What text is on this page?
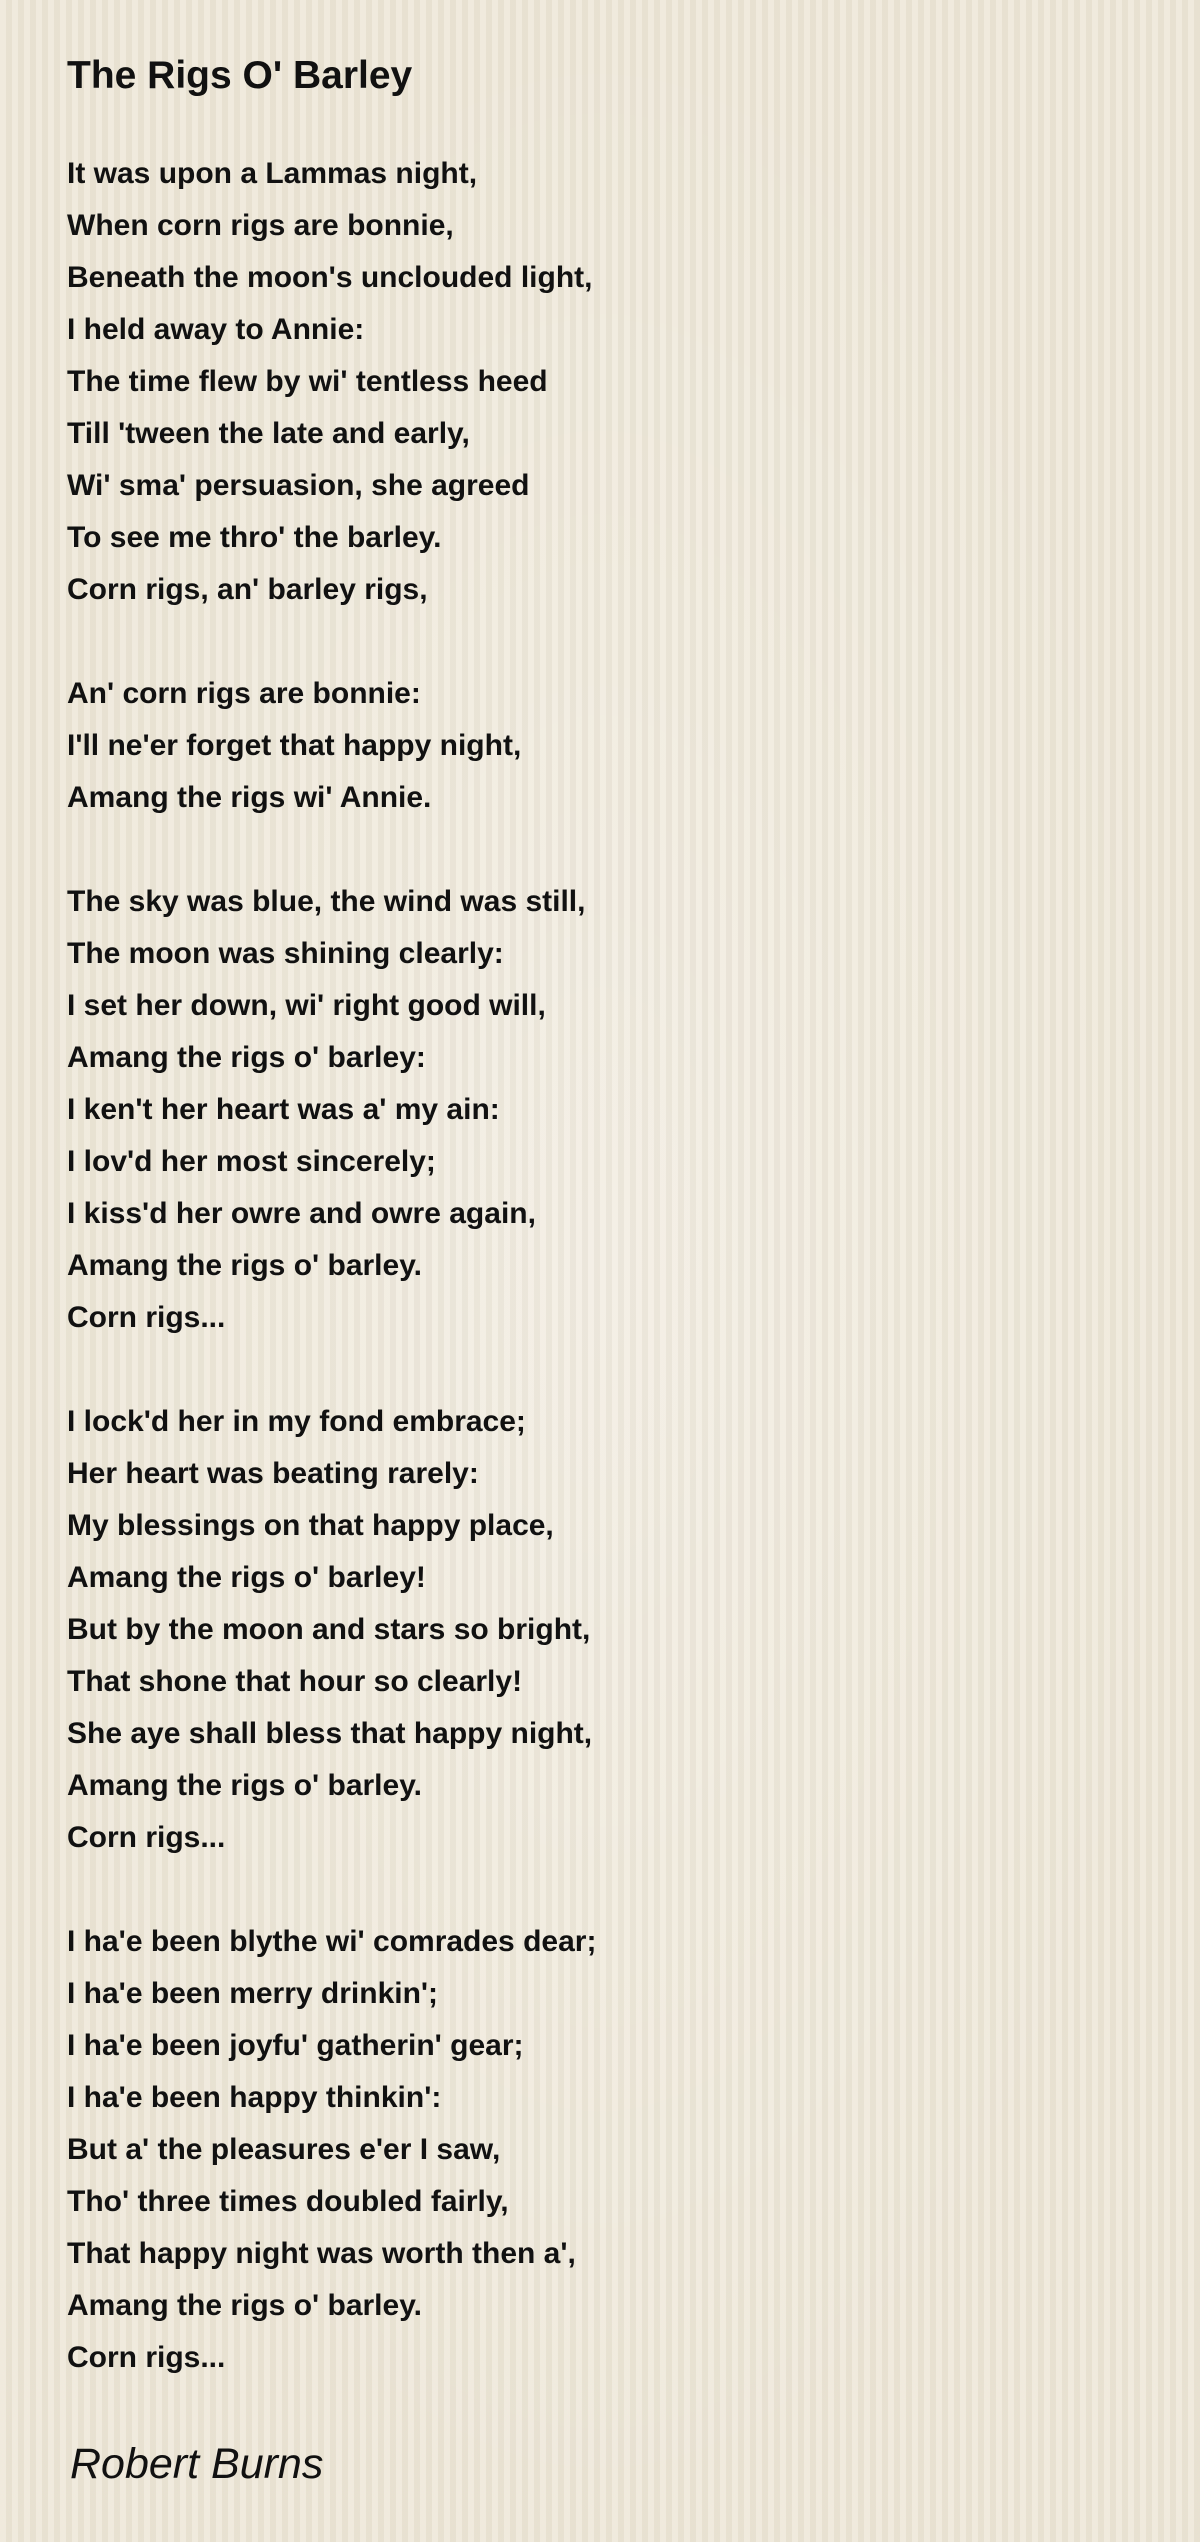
The Rigs O' Barley
It was upon a Lammas night,
When corn rigs are bonnie,
Beneath the moon's unclouded light,
I held away to Annie:
The time flew by wi' tentless heed
Till 'tween the late and early,
Wi' sma' persuasion, she agreed
To see me thro' the barley.
Corn rigs, an' barley rigs,
An' corn rigs are bonnie:
I'll ne'er forget that happy night,
Amang the rigs wi' Annie.
The sky was blue, the wind was still,
The moon was shining clearly:
I set her down, wi' right good will,
Amang the rigs o' barley:
I ken't her heart was a' my ain:
I lov'd her most sincerely;
I kiss'd her owre and owre again,
Amang the rigs o' barley.
Corn rigs...
I lock'd her in my fond embrace;
Her heart was beating rarely:
My blessings on that happy place,
Amang the rigs o' barley!
But by the moon and stars so bright,
That shone that hour so clearly!
She aye shall bless that happy night,
Amang the rigs o' barley.
Corn rigs...
I ha'e been blythe wi' comrades dear;
I ha'e been merry drinkin';
I ha'e been joyfu' gatherin' gear;
I ha'e been happy thinkin':
But a' the pleasures e'er I saw,
Tho' three times doubled fairly,
That happy night was worth then a',
Amang the rigs o' barley.
Corn rigs...
Robert Burns
